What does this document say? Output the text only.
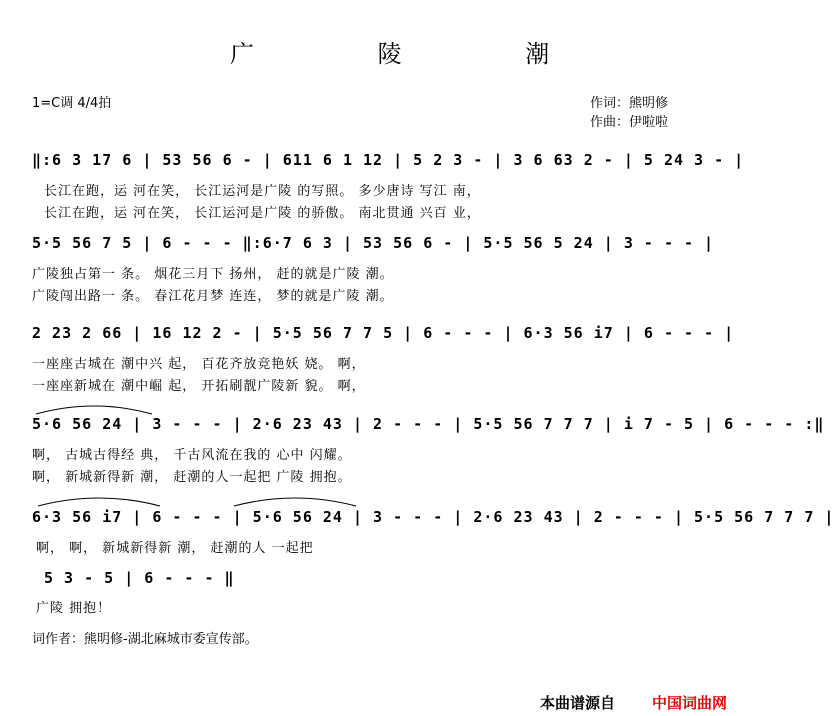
广 陵 潮
1=C调 4/4拍	作词：熊明修
作曲：伊啦啦
‖:6 3 17 6 | 53 56 6 - | 611 6 1 12 | 5 2 3 - | 3 6 63 2 - | 5 24 3 - |
长江在跑，运 河在笑， 长江运河是广陵 的写照。 多少唐诗 写江 南，
长江在跑，运 河在笑， 长江运河是广陵 的骄傲。 南北贯通 兴百 业，
5·5 56 7 5 | 6 - - - ‖:6·7 6 3 | 53 56 6 - | 5·5 56 5 24 | 3 - - - |
广陵独占第一 条。 烟花三月下 扬州， 赶的就是广陵 潮。
广陵闯出路一 条。 春江花月梦 连连， 梦的就是广陵 潮。
2 23 2 66 | 16 12 2 - | 5·5 56 7 7 5 | 6 - - - | 6·3 56 i7 | 6 - - - |
一座座古城在 潮中兴 起， 百花齐放竞艳妖 娆。 啊，
一座座新城在 潮中崛 起， 开拓刷靓广陵新 貌。 啊，
5·6 56 24 | 3 - - - | 2·6 23 43 | 2 - - - | 5·5 56 7 7 7 | i 7 - 5 | 6 - - - :‖
啊， 古城古得经 典， 千古风流在我的 心中 闪耀。
啊， 新城新得新 潮， 赶潮的人一起把 广陵 拥抱。
6·3 56 i7 | 6 - - - | 5·6 56 24 | 3 - - - | 2·6 23 43 | 2 - - - | 5·5 56 7 7 7 |
啊， 啊， 新城新得新 潮， 赶潮的人 一起把
5 3 - 5 | 6 - - - ‖
广陵 拥抱！
词作者：熊明修-湖北麻城市委宣传部。
本曲谱源自 中国词曲网
